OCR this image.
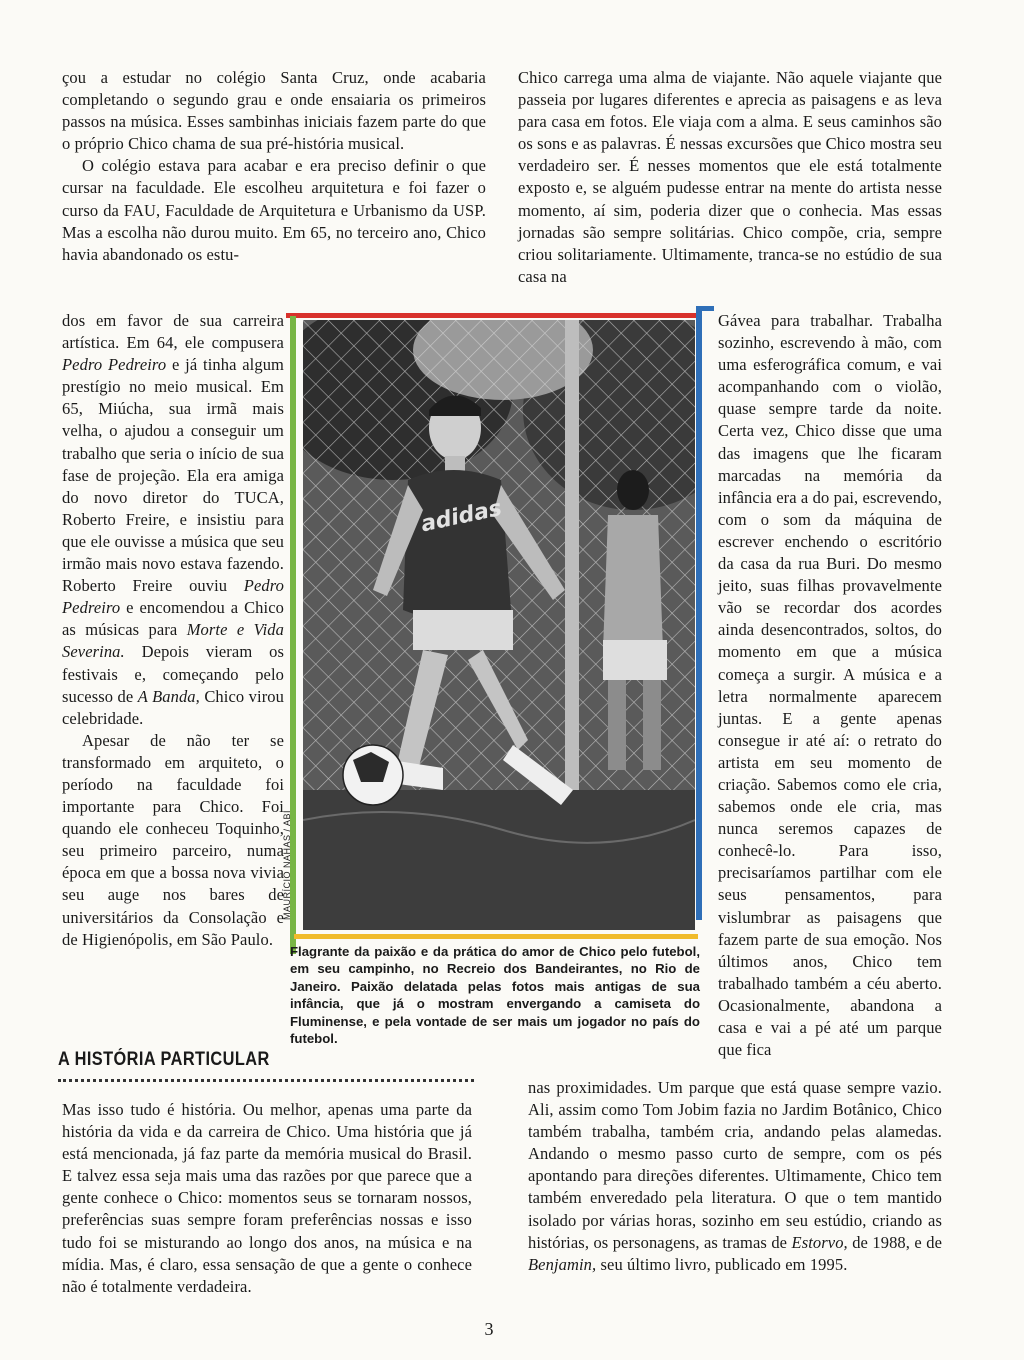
çou a estudar no colégio Santa Cruz, onde acabaria completando o segundo grau e onde ensaiaria os primeiros passos na música. Esses sambinhas iniciais fazem parte do que o próprio Chico chama de sua pré-história musical.

O colégio estava para acabar e era preciso definir o que cursar na faculdade. Ele escolheu arquitetura e foi fazer o curso da FAU, Faculdade de Arquitetura e Urbanismo da USP. Mas a escolha não durou muito. Em 65, no terceiro ano, Chico havia abandonado os estu-

dos em favor de sua carreira artística. Em 64, ele compusera Pedro Pedreiro e já tinha algum prestígio no meio musical. Em 65, Miúcha, sua irmã mais velha, o ajudou a conseguir um trabalho que seria o início de sua fase de projeção. Ela era amiga do novo diretor do TUCA, Roberto Freire, e insistiu para que ele ouvisse a música que seu irmão mais novo estava fazendo. Roberto Freire ouviu Pedro Pedreiro e encomendou a Chico as músicas para Morte e Vida Severina. Depois vieram os festivais e, começando pelo sucesso de A Banda, Chico virou celebridade.

Apesar de não ter se transformado em arquiteto, o período na faculdade foi importante para Chico. Foi quando ele conheceu Toquinho, seu primeiro parceiro, numa época em que a bossa nova vivia seu auge nos bares de universitários da Consolação e de Higienópolis, em São Paulo.

A HISTÓRIA PARTICULAR

Mas isso tudo é história. Ou melhor, apenas uma parte da história da vida e da carreira de Chico. Uma história que já está mencionada, já faz parte da memória musical do Brasil. E talvez essa seja mais uma das razões por que parece que a gente conhece o Chico: momentos seus se tornaram nossos, preferências suas sempre foram preferências nossas e isso tudo foi se misturando ao longo dos anos, na música e na mídia. Mas, é claro, essa sensação de que a gente o conhece não é totalmente verdadeira.

Chico carrega uma alma de viajante. Não aquele viajante que passeia por lugares diferentes e aprecia as paisagens e as leva para casa em fotos. Ele viaja com a alma. E seus caminhos são os sons e as palavras. É nessas excursões que Chico mostra seu verdadeiro ser. É nesses momentos que ele está totalmente exposto e, se alguém pudesse entrar na mente do artista nesse momento, aí sim, poderia dizer que o conhecia. Mas essas jornadas são sempre solitárias. Chico compõe, cria, sempre criou solitariamente. Ultimamente, tranca-se no estúdio de sua casa na

Gávea para trabalhar. Trabalha sozinho, escrevendo à mão, com uma esferográfica comum, e vai acompanhando com o violão, quase sempre tarde da noite. Certa vez, Chico disse que uma das imagens que lhe ficaram marcadas na memória da infância era a do pai, escrevendo, com o som da máquina de escrever enchendo o escritório da casa da rua Buri. Do mesmo jeito, suas filhas provavelmente vão se recordar dos acordes ainda desencontrados, soltos, do momento em que a música começa a surgir. A música e a letra normalmente aparecem juntas. E a gente apenas consegue ir até aí: o retrato do artista em seu momento de criação. Sabemos como ele cria, sabemos onde ele cria, mas nunca seremos capazes de conhecê-lo. Para isso, precisaríamos partilhar com ele seus pensamentos, para vislumbrar as paisagens que fazem parte de sua emoção. Nos últimos anos, Chico tem trabalhado também a céu aberto. Ocasionalmente, abandona a casa e vai a pé até um parque que fica

nas proximidades. Um parque que está quase sempre vazio. Ali, assim como Tom Jobim fazia no Jardim Botânico, Chico também trabalha, também cria, andando pelas alamedas. Andando o mesmo passo curto de sempre, com os pés apontando para direções diferentes. Ultimamente, Chico tem também enveredado pela literatura. O que o tem mantido isolado por várias horas, sozinho em seu estúdio, criando as histórias, os personagens, as tramas de Estorvo, de 1988, e de Benjamin, seu último livro, publicado em 1995.

adidas
MAURÍCIO NAHAS / ABI

Flagrante da paixão e da prática do amor de Chico pelo futebol, em seu campinho, no Recreio dos Bandeirantes, no Rio de Janeiro. Paixão delatada pelas fotos mais antigas de sua infância, que já o mostram envergando a camiseta do Fluminense, e pela vontade de ser mais um jogador no país do futebol.

3
